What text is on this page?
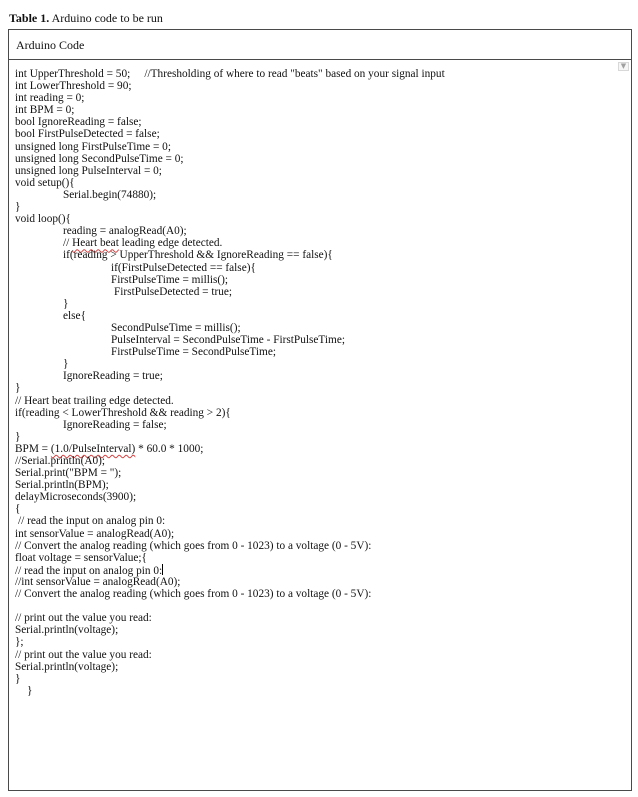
Table 1. Arduino code to be run
Arduino Code
▼
int UpperThreshold = 50;     //Thresholding of where to read "beats" based on your signal input
int LowerThreshold = 90;
int reading = 0;
int BPM = 0;
bool IgnoreReading = false;
bool FirstPulseDetected = false;
unsigned long FirstPulseTime = 0;
unsigned long SecondPulseTime = 0;
unsigned long PulseInterval = 0;
void setup(){
Serial.begin(74880);
}
void loop(){
reading = analogRead(A0);
// Heart beat leading edge detected.
if(reading > UpperThreshold && IgnoreReading == false){
if(FirstPulseDetected == false){
FirstPulseTime = millis();
FirstPulseDetected = true;
}
else{
SecondPulseTime = millis();
PulseInterval = SecondPulseTime - FirstPulseTime;
FirstPulseTime = SecondPulseTime;
}
IgnoreReading = true;
}
// Heart beat trailing edge detected.
if(reading < LowerThreshold && reading > 2){
IgnoreReading = false;
}
BPM = (1.0/PulseInterval) * 60.0 * 1000;
//Serial.println(A0);
Serial.print("BPM = ");
Serial.println(BPM);
delayMicroseconds(3900);
{
// read the input on analog pin 0:
int sensorValue = analogRead(A0);
// Convert the analog reading (which goes from 0 - 1023) to a voltage (0 - 5V):
float voltage = sensorValue;{
// read the input on analog pin 0:
//int sensorValue = analogRead(A0);
// Convert the analog reading (which goes from 0 - 1023) to a voltage (0 - 5V):
// print out the value you read:
Serial.println(voltage);
};
// print out the value you read:
Serial.println(voltage);
}
}
